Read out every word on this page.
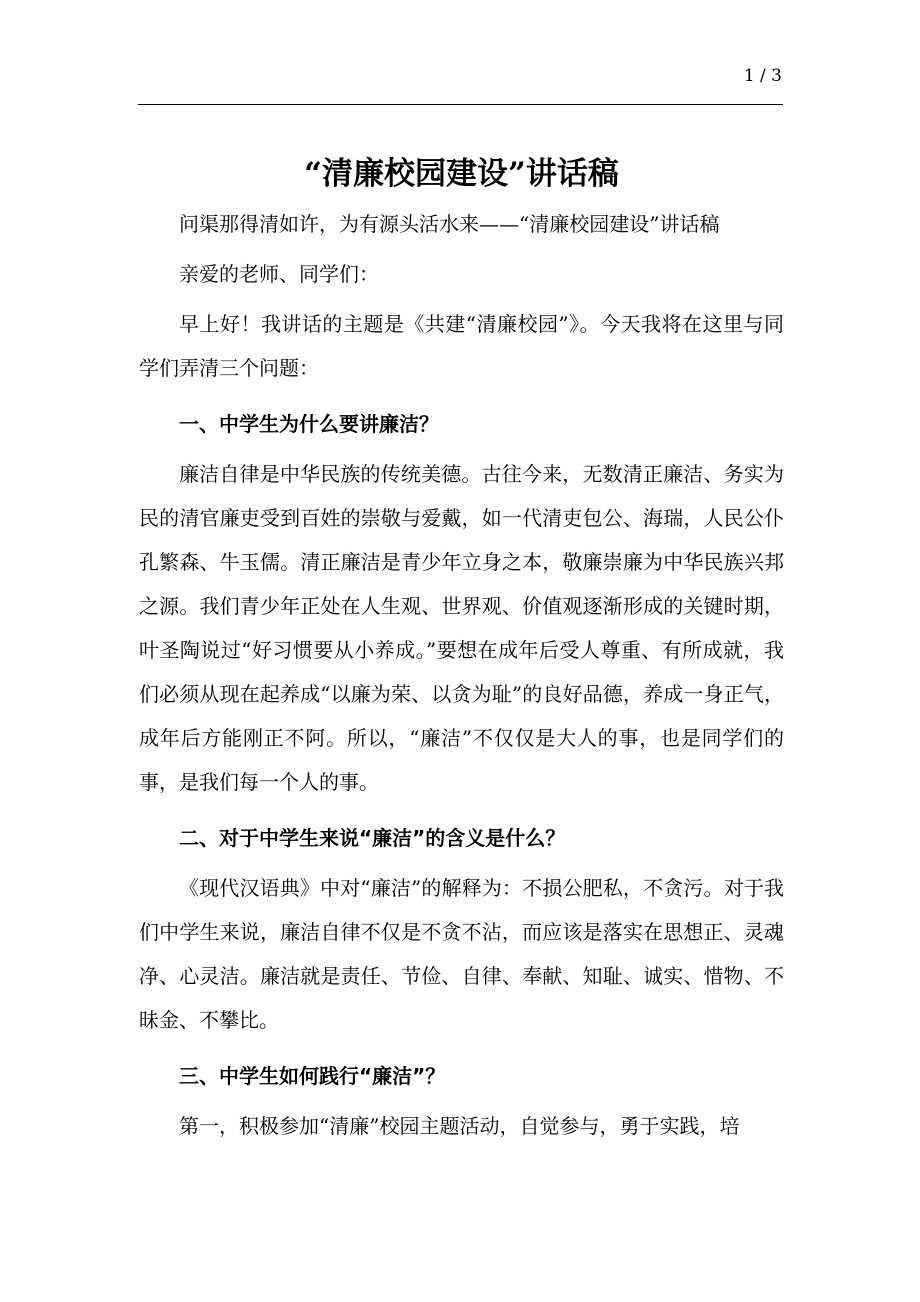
1 / 3
“清廉校园建设”讲话稿

问渠那得清如许，为有源头活水来——“清廉校园建设”讲话稿

亲爱的老师、同学们：

早上好！我讲话的主题是《共建“清廉校园”》。今天我将在这里与同学们弄清三个问题：

一、中学生为什么要讲廉洁？

廉洁自律是中华民族的传统美德。古往今来，无数清正廉洁、务实为民的清官廉吏受到百姓的崇敬与爱戴，如一代清吏包公、海瑞，人民公仆孔繁森、牛玉儒。清正廉洁是青少年立身之本，敬廉崇廉为中华民族兴邦之源。我们青少年正处在人生观、世界观、价值观逐渐形成的关键时期，叶圣陶说过“好习惯要从小养成。”要想在成年后受人尊重、有所成就，我们必须从现在起养成“以廉为荣、以贪为耻”的良好品德，养成一身正气，成年后方能刚正不阿。所以，“廉洁”不仅仅是大人的事，也是同学们的事，是我们每一个人的事。

二、对于中学生来说“廉洁”的含义是什么？

《现代汉语典》中对“廉洁”的解释为：不损公肥私，不贪污。对于我们中学生来说，廉洁自律不仅是不贪不沾，而应该是落实在思想正、灵魂净、心灵洁。廉洁就是责任、节俭、自律、奉献、知耻、诚实、惜物、不昧金、不攀比。

三、中学生如何践行“廉洁”？

第一，积极参加“清廉”校园主题活动，自觉参与，勇于实践，培
